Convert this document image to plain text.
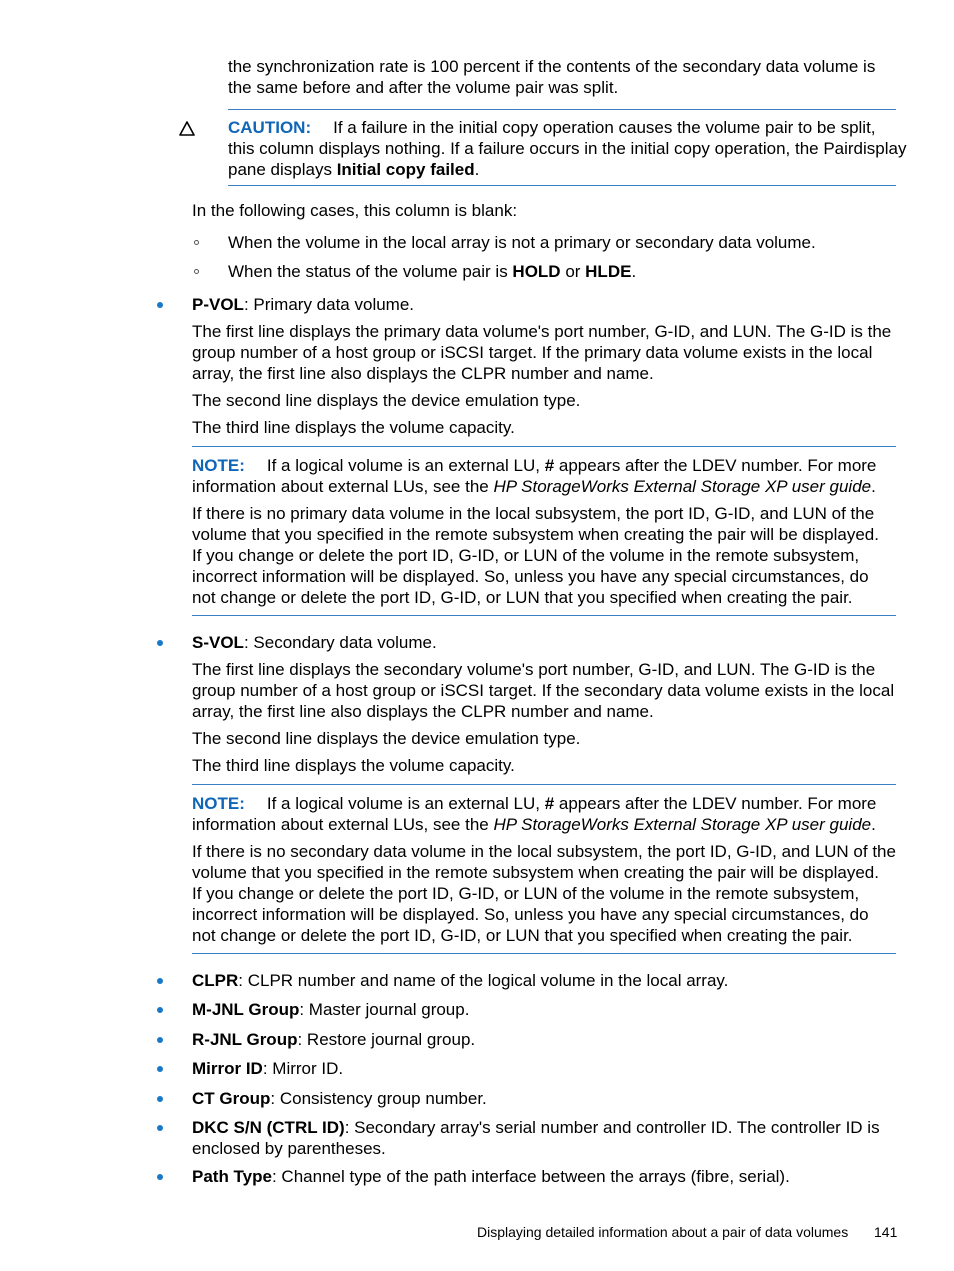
the synchronization rate is 100 percent if the contents of the secondary data volume is
the same before and after the volume pair was split.
CAUTION: If a failure in the initial copy operation causes the volume pair to be split,
this column displays nothing. If a failure occurs in the initial copy operation, the Pairdisplay
pane displays Initial copy failed.
In the following cases, this column is blank:
When the volume in the local array is not a primary or secondary data volume.
When the status of the volume pair is HOLD or HLDE.
P-VOL: Primary data volume.
The first line displays the primary data volume's port number, G-ID, and LUN. The G-ID is the
group number of a host group or iSCSI target. If the primary data volume exists in the local
array, the first line also displays the CLPR number and name.
The second line displays the device emulation type.
The third line displays the volume capacity.
NOTE: If a logical volume is an external LU, # appears after the LDEV number. For more
information about external LUs, see the HP StorageWorks External Storage XP user guide.
If there is no primary data volume in the local subsystem, the port ID, G-ID, and LUN of the
volume that you specified in the remote subsystem when creating the pair will be displayed.
If you change or delete the port ID, G-ID, or LUN of the volume in the remote subsystem,
incorrect information will be displayed. So, unless you have any special circumstances, do
not change or delete the port ID, G-ID, or LUN that you specified when creating the pair.
S-VOL: Secondary data volume.
The first line displays the secondary volume's port number, G-ID, and LUN. The G-ID is the
group number of a host group or iSCSI target. If the secondary data volume exists in the local
array, the first line also displays the CLPR number and name.
The second line displays the device emulation type.
The third line displays the volume capacity.
NOTE: If a logical volume is an external LU, # appears after the LDEV number. For more
information about external LUs, see the HP StorageWorks External Storage XP user guide.
If there is no secondary data volume in the local subsystem, the port ID, G-ID, and LUN of the
volume that you specified in the remote subsystem when creating the pair will be displayed.
If you change or delete the port ID, G-ID, or LUN of the volume in the remote subsystem,
incorrect information will be displayed. So, unless you have any special circumstances, do
not change or delete the port ID, G-ID, or LUN that you specified when creating the pair.
CLPR: CLPR number and name of the logical volume in the local array.
M-JNL Group: Master journal group.
R-JNL Group: Restore journal group.
Mirror ID: Mirror ID.
CT Group: Consistency group number.
DKC S/N (CTRL ID): Secondary array's serial number and controller ID. The controller ID is
enclosed by parentheses.
Path Type: Channel type of the path interface between the arrays (fibre, serial).
Displaying detailed information about a pair of data volumes 141
